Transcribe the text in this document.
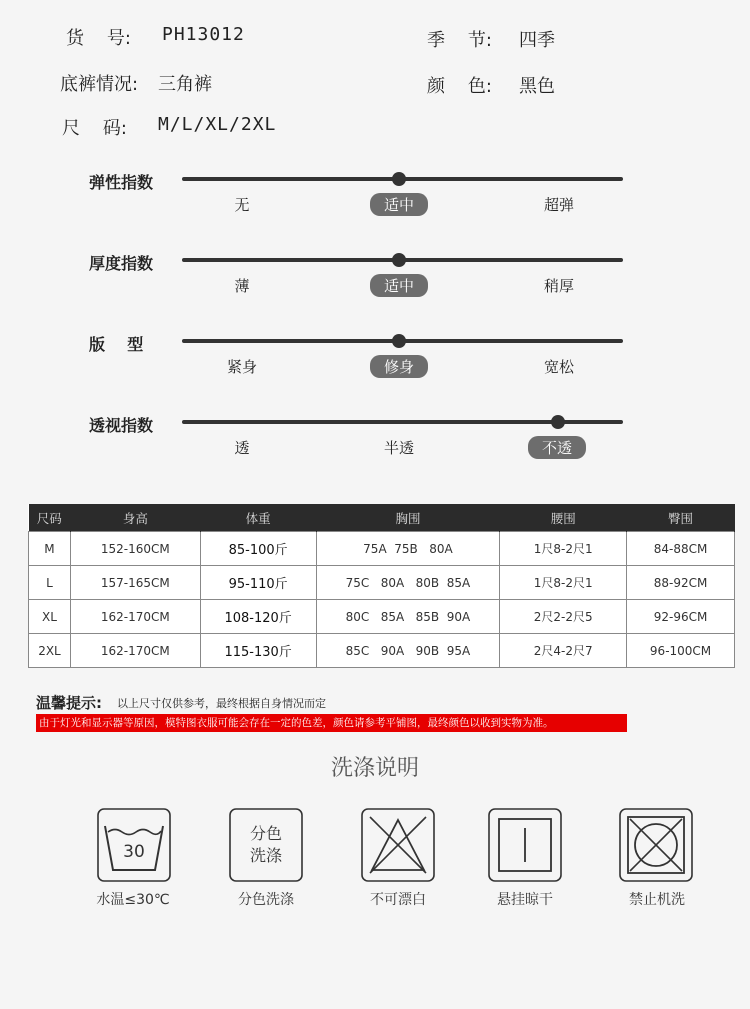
货    号: PH13012	季    节: 四季
底裤情况: 三角裤	颜    色: 黑色
尺    码: M/L/XL/2XL
弹性指数
无	适中	超弹
厚度指数
薄	适中	稍厚
版    型
紧身	修身	宽松
透视指数
透	半透	不透
尺码	身高	体重	胸围	腰围	臀围
M	152-160CM	85-100斤	75A  75B   80A	1尺8-2尺1	84-88CM
L	157-165CM	95-110斤	75C   80A   80B  85A	1尺8-2尺1	88-92CM
XL	162-170CM	108-120斤	80C   85A   85B  90A	2尺2-2尺5	92-96CM
2XL	162-170CM	115-130斤	85C   90A   90B  95A	2尺4-2尺7	96-100CM
温馨提示: 以上尺寸仅供参考，最终根据自身情况而定
由于灯光和显示器等原因，模特图衣服可能会存在一定的色差，颜色请参考平铺图，最终颜色以收到实物为准。
洗涤说明
30
水温≤30℃
分色
洗涤
分色洗涤	不可漂白	悬挂晾干	禁止机洗
